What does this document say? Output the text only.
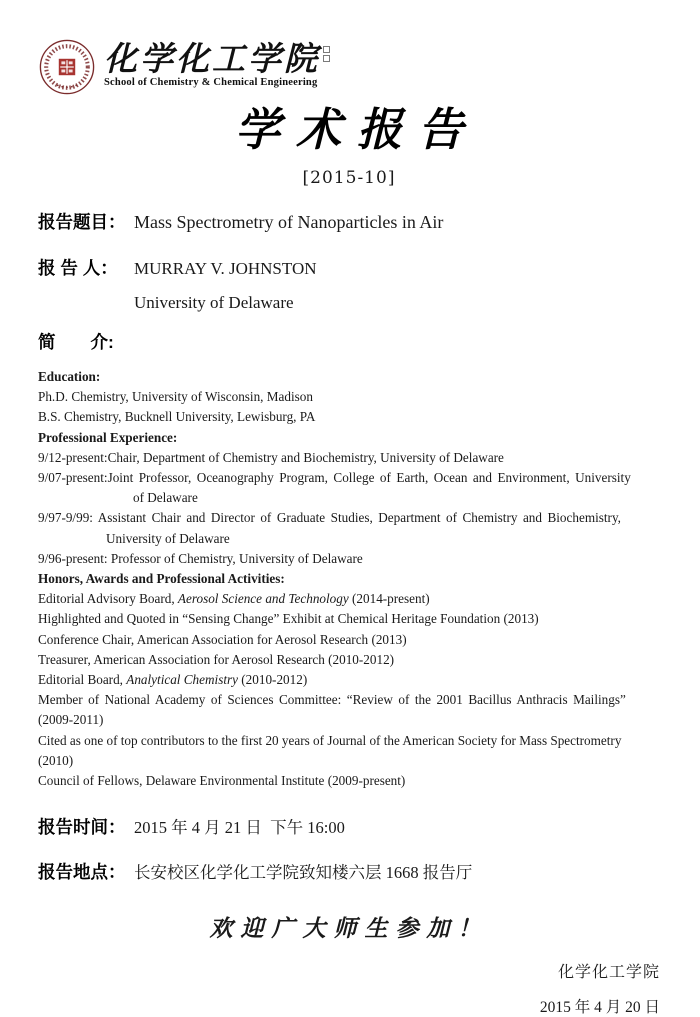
化学化工学院
School of Chemistry & Chemical Engineering
学术报告
[2015-10]
报告题目： Mass Spectrometry of Nanoparticles in Air
报 告 人： MURRAY V. JOHNSTON
University of Delaware
简　　介:
Education:
Ph.D. Chemistry, University of Wisconsin, Madison
B.S. Chemistry, Bucknell University, Lewisburg, PA
Professional Experience:
9/12-present:Chair, Department of Chemistry and Biochemistry, University of Delaware
9/07-present:Joint Professor, Oceanography Program, College of Earth, Ocean and Environment, University
of Delaware
9/97-9/99: Assistant Chair and Director of Graduate Studies, Department of Chemistry and Biochemistry,
University of Delaware
9/96-present: Professor of Chemistry, University of Delaware
Honors, Awards and Professional Activities:
Editorial Advisory Board, Aerosol Science and Technology (2014-present)
Highlighted and Quoted in “Sensing Change” Exhibit at Chemical Heritage Foundation (2013)
Conference Chair, American Association for Aerosol Research (2013)
Treasurer, American Association for Aerosol Research (2010-2012)
Editorial Board, Analytical Chemistry (2010-2012)
Member of National Academy of Sciences Committee: “Review of the 2001 Bacillus Anthracis Mailings”
(2009-2011)
Cited as one of top contributors to the first 20 years of Journal of the American Society for Mass Spectrometry
(2010)
Council of Fellows, Delaware Environmental Institute (2009-present)
报告时间： 2015 年 4 月 21 日  下午 16:00
报告地点： 长安校区化学化工学院致知楼六层 1668 报告厅
欢迎广大师生参加！
化学化工学院
2015 年 4 月 20 日
